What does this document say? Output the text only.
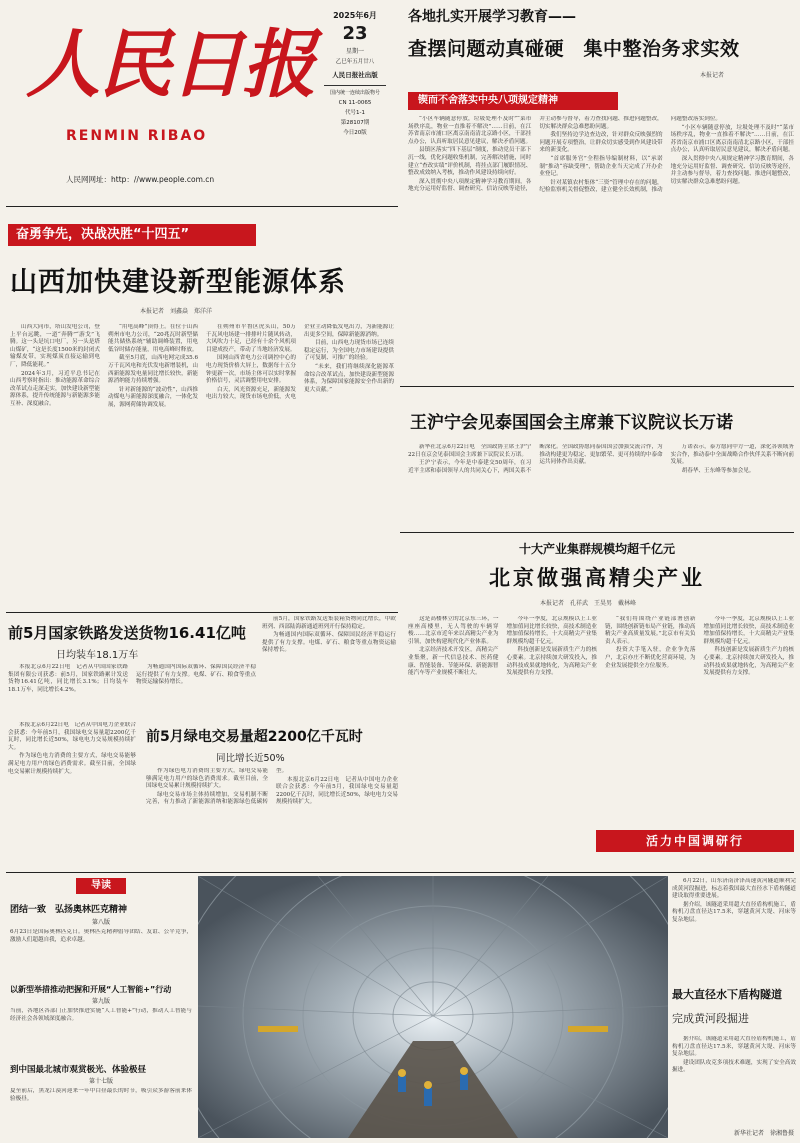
人民日报
RENMIN RIBAO
人民网网址：http：//www.people.com.cn
2025年6月
23
星期一
乙巳年五月廿八
人民日报社出版
国内统一连续出版物号
CN 11-0065
代号1-1
第28107期
今日20版
各地扎实开展学习教育——
查摆问题动真碰硬　集中整治务求实效
本报记者
锲而不舍落实中央八项规定精神

“小区车辆随意停放，垃圾处理不及时”“菜市场秩序乱，物业一直推着不解决”……日前，在江苏省南京市浦口区离京南南清北京路小区，干部挂点办公，认真听取居民意见建议，解决矛盾问题。

县镇区落实“四下基层”制度，推动党员干部下沉一线，优化问题收集机制，完善解决措施，同时建立“查改实绩”评价机制，将挂点部门履职情况、整改成效纳入考核，推动作风建设持续向好。

深入贯彻中央八项规定精神学习教育期间，各地充分运用好监督、调查研究、信访反映等途径，并主动参与督导，着力查找问题、推进问题整改，切实解决群众急难愁盼问题。

我们坚持边学边查边改，针对群众反映强烈的问题开展专项整治，让群众切实感受到作风建设带来的新变化。

“首席服务官”全程指导编制材料，以“承诺制”推动“容缺受理”，帮助企业当天完成了开办企业登记。

针对某镇农村集体“三资”管理中存在的问题，纪检监察机关督促整改，建立健全长效机制，推动问题整改落实到位。

“小区车辆随意停放，垃圾处理不及时”“菜市场秩序乱，物业一直推着不解决”……日前，在江苏省南京市浦口区离京南南清北京路小区，干部挂点办公，认真听取居民意见建议，解决矛盾问题。

深入贯彻中央八项规定精神学习教育期间，各地充分运用好监督、调查研究、信访反映等途径，并主动参与督导，着力查找问题、推进问题整改，切实解决群众急难愁盼问题。

奋勇争先，决战决胜“十四五”
山西加快建设新型能源体系
本报记者　刘鑫焱　郑洋洋

山西大同市，塔山发电公司，登上平台远眺，一道“奔腾”“游戈”飞腾。这一头是坑口电厂，另一头是塔山煤矿，“这是长度1500米的封闭式输煤皮带，实现煤炭直接运输到电厂，降低能耗。”

2024年3月，习近平总书记在山西考察时指出：推动能源革命综合改革试点走深走实，加快建设新型能源体系，提升传统能源与新能源多能互补、深度融合。

“用电高峰”顶得上。在位于山西朔州市电力公司，“20兆瓦时新型储能共储热系统”辅助调峰装置，用电低谷时储存能量，用电高峰时释放。

截至5月底，山西电网完成35.6万千瓦风电和光伏发电新增装机，山西新能源发电量同比增长较快，新能源消纳能力持续增强。

针对新能源的“波动性”，山西推动煤电与新能源深度融合，一体化发展，源网荷储协调发展。

在朔州市平鲁区虎头山，50万千瓦风电场建一排排叶片随风转动，大风吹力十足，已经有十余个风机项目建成投产，带动了当地经济发展。

国网山西省电力公司调控中心的电力现货价格大屏上，数据每十五分钟更新一次，市场主体可以实时掌握价格信号，灵活调整用电安排。

白天，风光资源充足，新能源发电出力较大，现货市场电价低，火电企业主动降低发电出力，为新能源让出更多空间，保障新能源消纳。

目前，山西电力现货市场已连续稳定运行，为全国电力市场建设提供了可复制、可推广的经验。

“未来，我们将继续深化能源革命综合改革试点，加快建设新型能源体系，为保障国家能源安全作出新的更大贡献。”

王沪宁会见泰国国会主席兼下议院议长万诺

新华社北京6月22日电　全国政协主席王沪宁22日在京会见泰国国会主席兼下议院议长万诺。

王沪宁表示，今年是中泰建交50周年，在习近平主席和泰国领导人的共同关心下，两国关系不断深化。全国政协愿同泰国国会加强交流合作，为推动构建更为稳定、更加繁荣、更可持续的中泰命运共同体作出贡献。

万诺表示，泰方愿同中方一道，深化各领域务实合作，推动泰中全面战略合作伙伴关系不断向前发展。

胡春华、王东峰等参加会见。

十大产业集群规模均超千亿元
北京做强高精尖产业
本报记者　孔祥武　王昊男　戴林峰

这是高楼林立的北京东三环，一座座高楼里，无人驾驶的车辆穿梭……北京市近年来以高精尖产业为引领，加快构建现代化产业体系。

北京经济技术开发区，高精尖产业集聚，新一代信息技术、医药健康、智能装备、节能环保、新能源智能汽车等产业规模不断壮大。

今年一季度，北京规模以上工业增加值同比增长较快，高技术制造业增加值保持增长，十大高精尖产业集群规模均超千亿元。

科技创新是发展新质生产力的核心要素。北京持续加大研发投入，推动科技成果就地转化，为高精尖产业发展提供有力支撑。

“我们将围绕产业链部署创新链，围绕创新链布局产业链，推动高精尖产业高质量发展。”北京市有关负责人表示。

投资大手笔入驻，企业争先落户，北京亦庄不断优化营商环境，为企业发展提供全方位服务。

今年一季度，北京规模以上工业增加值同比增长较快，高技术制造业增加值保持增长，十大高精尖产业集群规模均超千亿元。

科技创新是发展新质生产力的核心要素。北京持续加大研发投入，推动科技成果就地转化，为高精尖产业发展提供有力支撑。

前5月国家铁路发送货物16.41亿吨
日均装车18.1万车

本报北京6月22日电　记者从中国国家铁路集团有限公司获悉：前5月，国家铁路累计发送货物16.41亿吨，同比增长3.1%；日均装车18.1万车，同比增长4.2%。

为畅通国内国际双循环、保障国民经济平稳运行提供了有力支撑。电煤、矿石、粮食等重点物资运输保持增长。

前5月，国家铁路发送集装箱货物同比增长，中欧班列、西部陆海新通道班列开行保持稳定。

为畅通国内国际双循环、保障国民经济平稳运行提供了有力支撑。电煤、矿石、粮食等重点物资运输保持增长。

本报北京6月22日电　记者从中国电力企业联合会获悉：今年前5月，我国绿电交易量超2200亿千瓦时，同比增长近50%，绿电电力交易规模持续扩大。

作为绿色电力消费的主要方式，绿电交易能够满足电力用户的绿色消费需求。截至目前，全国绿电交易累计规模持续扩大。

前5月绿电交易量超2200亿千瓦时
同比增长近50%

作为绿色电力消费的主要方式，绿电交易能够满足电力用户的绿色消费需求。截至目前，全国绿电交易累计规模持续扩大。

绿电交易市场主体持续增加，交易机制不断完善，有力推动了新能源消纳和能源绿色低碳转型。

本报北京6月22日电　记者从中国电力企业联合会获悉：今年前5月，我国绿电交易量超2200亿千瓦时，同比增长近50%，绿电电力交易规模持续扩大。

活力中国调研行
导读
团结一致　弘扬奥林匹克精神
第八版
6月23日是国际奥林匹克日。奥林匹克精神倡导团结、友谊、公平竞争，激励人们超越自我，追求卓越。
以新型举措推动把握和开展“人工智能+”行动
第九版
当前，各地区各部门正加快推进实施“人工智能+”行动，推动人工智能与经济社会各领域深度融合。
到中国最北城市观赏极光、体验极昼
第十七版
夏至前后，黑龙江漠河迎来一年中白昼最长的时节，吸引众多游客前来体验极昼。

6月22日，山东济南济泽高速黄河隧道顺利完成黄河段掘进，标志着我国最大直径水下盾构隧道建设取得重要进展。

据介绍，该隧道采用超大直径盾构机施工，盾构机刀盘直径达17.5米，穿越黄河大堤、河床等复杂地层。

最大直径水下盾构隧道
完成黄河段掘进

据介绍，该隧道采用超大直径盾构机施工，盾构机刀盘直径达17.5米，穿越黄河大堤、河床等复杂地层。

建设团队攻克多项技术难题，实现了安全高效掘进。

新华社记者　徐湘鲁摄
